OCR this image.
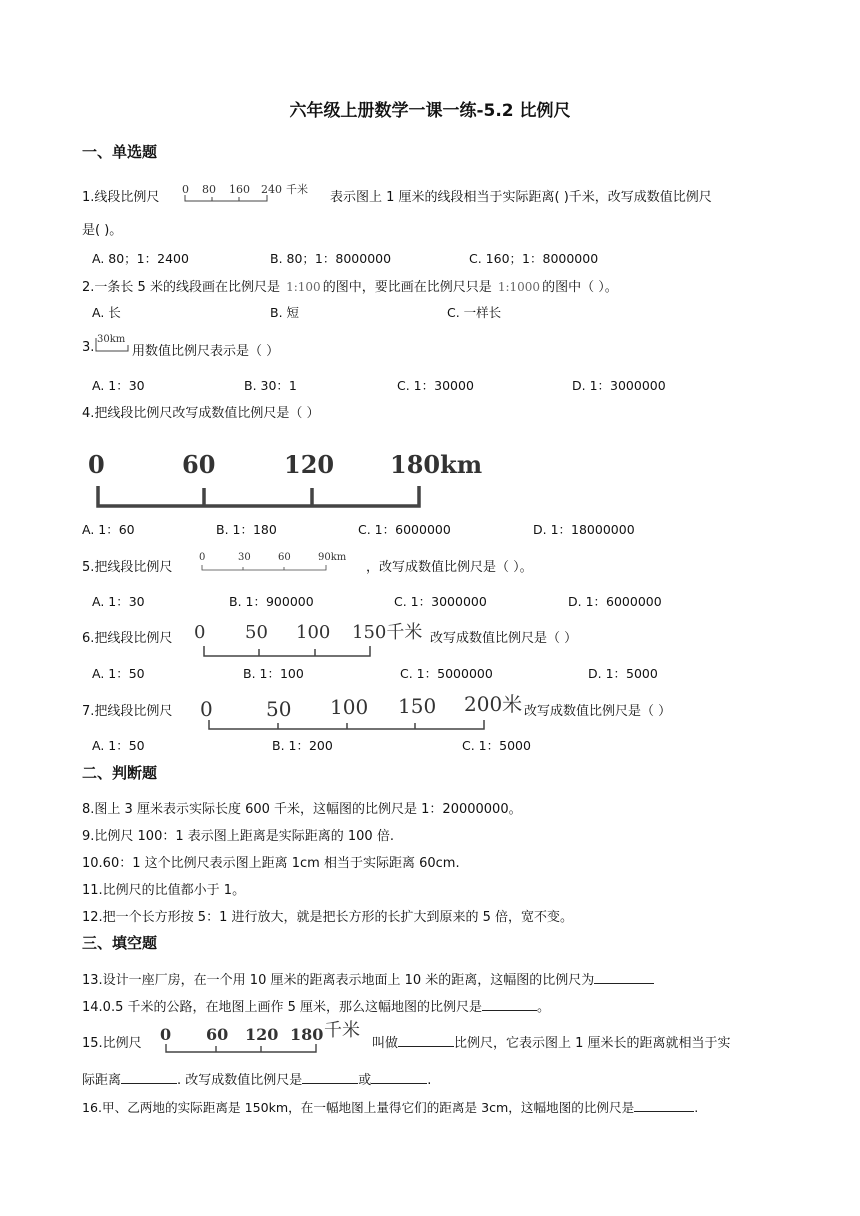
六年级上册数学一课一练-5.2 比例尺
一、单选题
1.线段比例尺
0 80 160 240 千米
表示图上 1 厘米的线段相当于实际距离( )千米，改写成数值比例尺
是( )。
A. 80；1：2400	B. 80；1：8000000	C. 160；1：8000000
2.一条长 5 米的线段画在比例尺是 1:100 的图中，要比画在比例尺只是 1:1000 的图中（ ）。
A. 长	B. 短	C. 一样长
3.
30km
用数值比例尺表示是（ ）
A. 1：30	B. 30：1	C. 1：30000	D. 1：3000000
4.把线段比例尺改写成数值比例尺是（ ）
0	60	120 180km
A. 1：60	B. 1：180	C. 1：6000000	D. 1：18000000
5.把线段比例尺
0	30	60	90km
，改写成数值比例尺是（ ）。
A. 1：30	B. 1：900000	C. 1：3000000	D. 1：6000000
6.把线段比例尺 0 50 100 150千米 改写成数值比例尺是（ ）
A. 1：50	B. 1：100	C. 1：5000000	D. 1：5000
7.把线段比例尺 0	50 100 150 200米 改写成数值比例尺是（ ）
A. 1：50	B. 1：200	C. 1：5000
二、判断题
8.图上 3 厘米表示实际长度 600 千米，这幅图的比例尺是 1：20000000。
9.比例尺 100：1 表示图上距离是实际距离的 100 倍.
10.60：1 这个比例尺表示图上距离 1cm 相当于实际距离 60cm.
11.比例尺的比值都小于 1。
12.把一个长方形按 5：1 进行放大，就是把长方形的长扩大到原来的 5 倍，宽不变。
三、填空题
13.设计一座厂房，在一个用 10 厘米的距离表示地面上 10 米的距离，这幅图的比例尺为
14.0.5 千米的公路，在地图上画作 5 厘米，那么这幅地图的比例尺是	。
15.比例尺 0 60 120 180 千米
叫做	比例尺，它表示图上 1 厘米长的距离就相当于实
际距离	. 改写成数值比例尺是	或	.
16.甲、乙两地的实际距离是 150km，在一幅地图上量得它们的距离是 3cm，这幅地图的比例尺是	.
